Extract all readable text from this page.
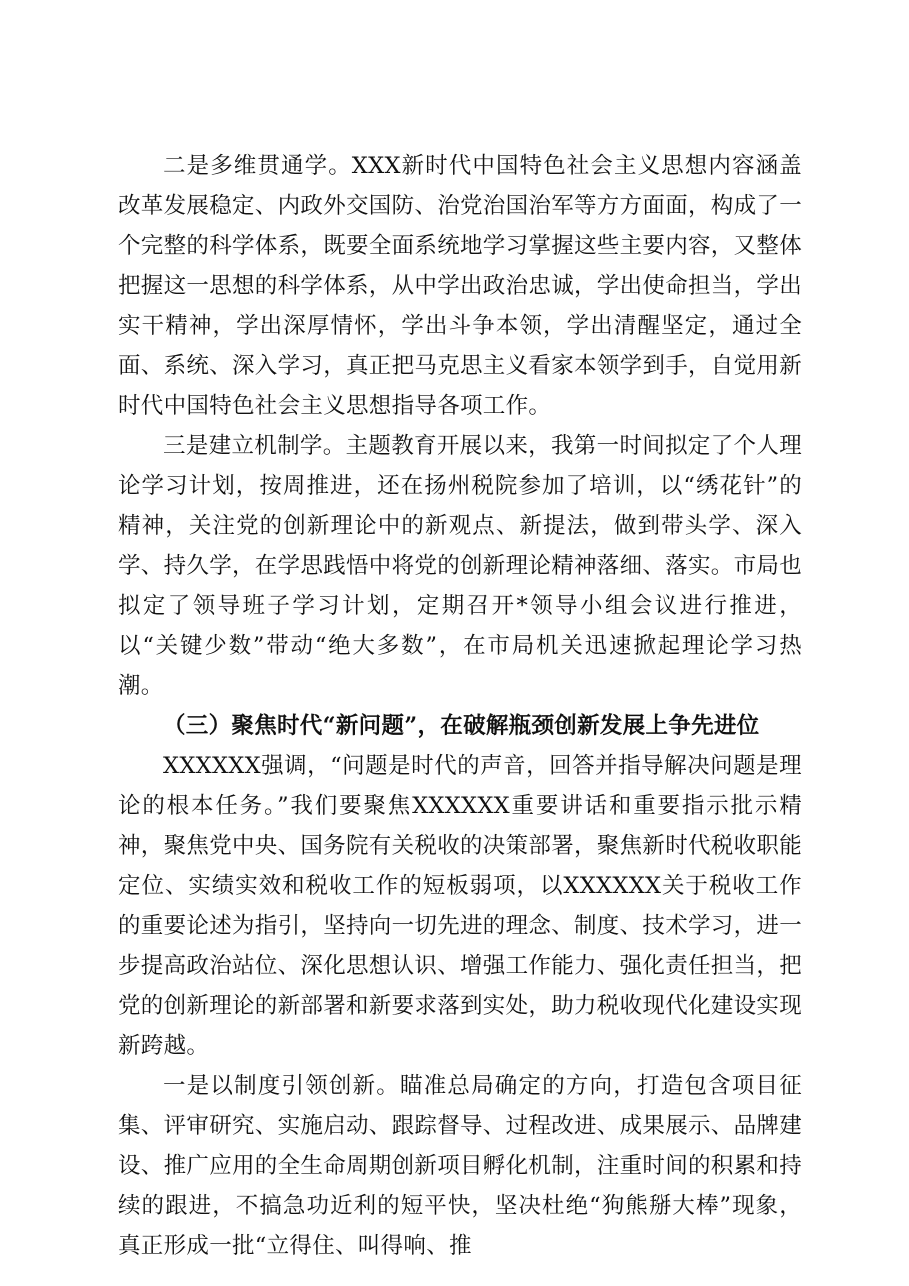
二是多维贯通学。XXX新时代中国特色社会主义思想内容涵盖改革发展稳定、内政外交国防、治党治国治军等方方面面，构成了一个完整的科学体系，既要全面系统地学习掌握这些主要内容，又整体把握这一思想的科学体系，从中学出政治忠诚，学出使命担当，学出实干精神，学出深厚情怀，学出斗争本领，学出清醒坚定，通过全面、系统、深入学习，真正把马克思主义看家本领学到手，自觉用新时代中国特色社会主义思想指导各项工作。

三是建立机制学。主题教育开展以来，我第一时间拟定了个人理论学习计划，按周推进，还在扬州税院参加了培训，以“绣花针”的精神，关注党的创新理论中的新观点、新提法，做到带头学、深入学、持久学，在学思践悟中将党的创新理论精神落细、落实。市局也拟定了领导班子学习计划，定期召开*领导小组会议进行推进，以“关键少数”带动“绝大多数”，在市局机关迅速掀起理论学习热潮。

（三）聚焦时代“新问题”，在破解瓶颈创新发展上争先进位

XXXXXX强调，“问题是时代的声音，回答并指导解决问题是理论的根本任务。”我们要聚焦XXXXXX重要讲话和重要指示批示精神，聚焦党中央、国务院有关税收的决策部署，聚焦新时代税收职能定位、实绩实效和税收工作的短板弱项，以XXXXXX关于税收工作的重要论述为指引，坚持向一切先进的理念、制度、技术学习，进一步提高政治站位、深化思想认识、增强工作能力、强化责任担当，把党的创新理论的新部署和新要求落到实处，助力税收现代化建设实现新跨越。

一是以制度引领创新。瞄准总局确定的方向，打造包含项目征集、评审研究、实施启动、跟踪督导、过程改进、成果展示、品牌建设、推广应用的全生命周期创新项目孵化机制，注重时间的积累和持续的跟进，不搞急功近利的短平快，坚决杜绝“狗熊掰大棒”现象，真正形成一批“立得住、叫得响、推
